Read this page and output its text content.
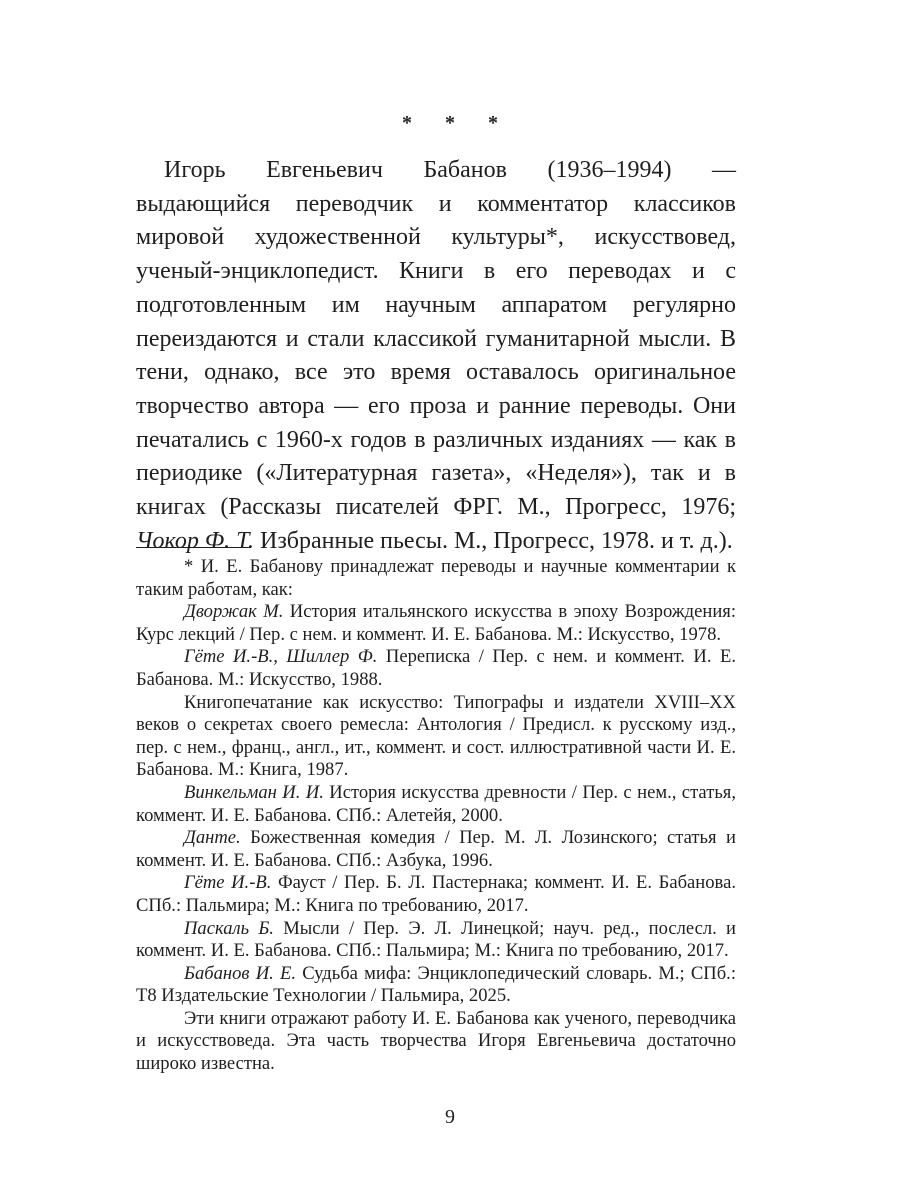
* * *

Игорь Евгеньевич Бабанов (1936–1994) — выдающийся переводчик и комментатор классиков мировой художественной культуры*, искусствовед, ученый-энциклопедист. Книги в его переводах и с подготовленным им научным аппаратом регулярно переиздаются и стали классикой гуманитарной мысли. В тени, однако, все это время оставалось оригинальное творчество автора — его проза и ранние переводы. Они печатались с 1960-х годов в различных изданиях — как в периодике («Литературная газета», «Неделя»), так и в книгах (Рассказы писателей ФРГ. М., Прогресс, 1976; Чокор Ф. Т. Избранные пьесы. М., Прогресс, 1978. и т. д.).

* И. Е. Бабанову принадлежат переводы и научные комментарии к таким работам, как:

Дворжак М. История итальянского искусства в эпоху Возрождения: Курс лекций / Пер. с нем. и коммент. И. Е. Бабанова. М.: Искусство, 1978.

Гёте И.-В., Шиллер Ф. Переписка / Пер. с нем. и коммент. И. Е. Бабанова. М.: Искусство, 1988.

Книгопечатание как искусство: Типографы и издатели XVIII–XX веков о секретах своего ремесла: Антология / Предисл. к русскому изд., пер. с нем., франц., англ., ит., коммент. и сост. иллюстративной части И. Е. Бабанова. М.: Книга, 1987.

Винкельман И. И. История искусства древности / Пер. с нем., статья, коммент. И. Е. Бабанова. СПб.: Алетейя, 2000.

Данте. Божественная комедия / Пер. М. Л. Лозинского; статья и коммент. И. Е. Бабанова. СПб.: Азбука, 1996.

Гёте И.-В. Фауст / Пер. Б. Л. Пастернака; коммент. И. Е. Бабанова. СПб.: Пальмира; М.: Книга по требованию, 2017.

Паскаль Б. Мысли / Пер. Э. Л. Линецкой; науч. ред., послесл. и коммент. И. Е. Бабанова. СПб.: Пальмира; М.: Книга по требованию, 2017.

Бабанов И. Е. Судьба мифа: Энциклопедический словарь. М.; СПб.: Т8 Издательские Технологии / Пальмира, 2025.

Эти книги отражают работу И. Е. Бабанова как ученого, переводчика и искусствоведа. Эта часть творчества Игоря Евгеньевича достаточно широко известна.

9
